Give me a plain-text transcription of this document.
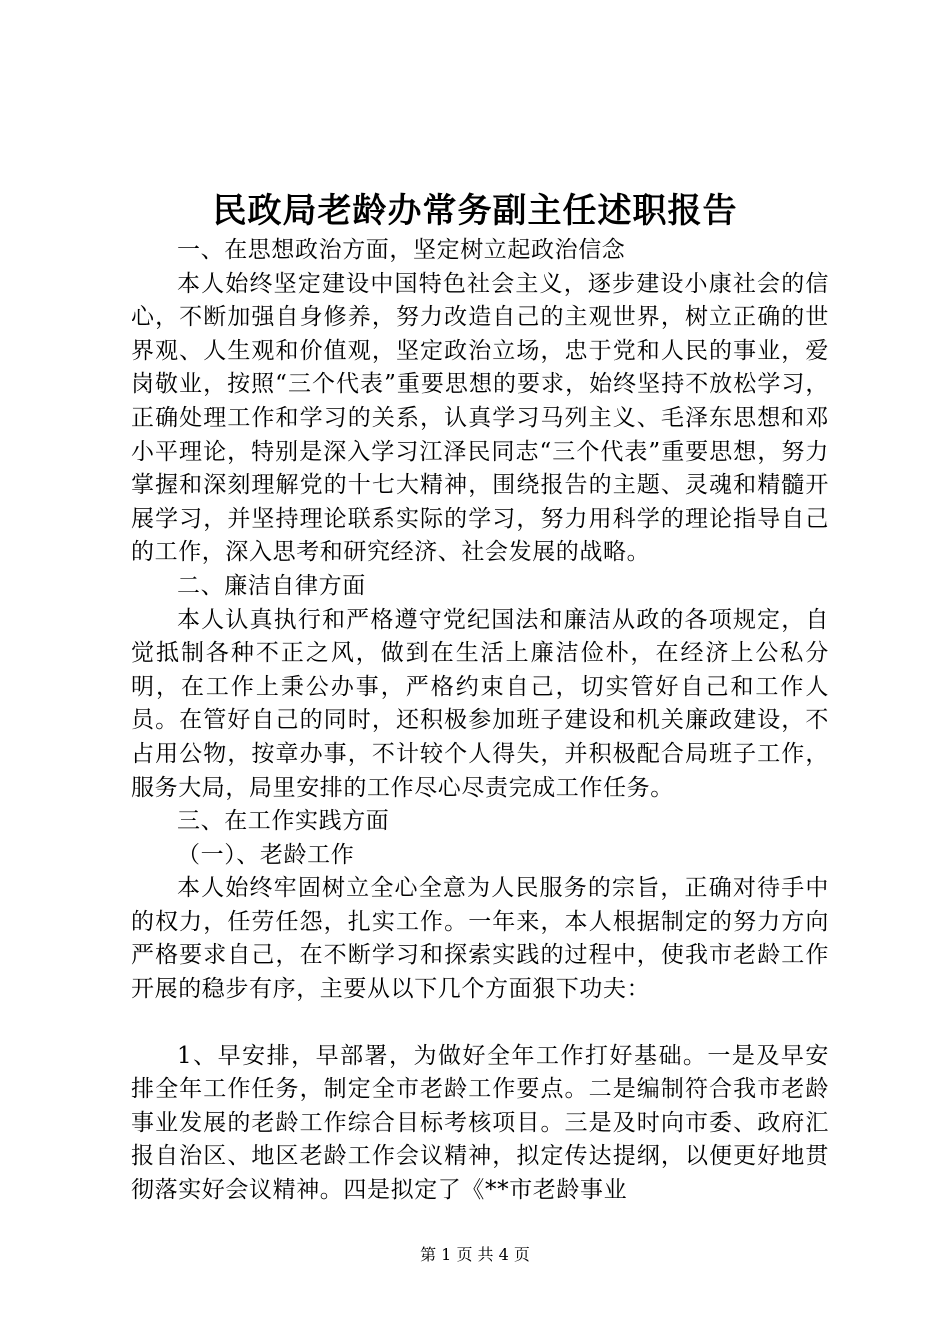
民政局老龄办常务副主任述职报告

一、在思想政治方面，坚定树立起政治信念

本人始终坚定建设中国特色社会主义，逐步建设小康社会的信心，不断加强自身修养，努力改造自己的主观世界，树立正确的世界观、人生观和价值观，坚定政治立场，忠于党和人民的事业，爱岗敬业，按照“三个代表”重要思想的要求，始终坚持不放松学习，正确处理工作和学习的关系，认真学习马列主义、毛泽东思想和邓小平理论，特别是深入学习江泽民同志“三个代表”重要思想，努力掌握和深刻理解党的十七大精神，围绕报告的主题、灵魂和精髓开展学习，并坚持理论联系实际的学习，努力用科学的理论指导自己的工作，深入思考和研究经济、社会发展的战略。

二、廉洁自律方面

本人认真执行和严格遵守党纪国法和廉洁从政的各项规定，自觉抵制各种不正之风，做到在生活上廉洁俭朴，在经济上公私分明，在工作上秉公办事，严格约束自己，切实管好自己和工作人员。在管好自己的同时，还积极参加班子建设和机关廉政建设，不占用公物，按章办事，不计较个人得失，并积极配合局班子工作，服务大局，局里安排的工作尽心尽责完成工作任务。

三、在工作实践方面

（一）、老龄工作

本人始终牢固树立全心全意为人民服务的宗旨，正确对待手中的权力，任劳任怨，扎实工作。一年来，本人根据制定的努力方向严格要求自己，在不断学习和探索实践的过程中，使我市老龄工作开展的稳步有序，主要从以下几个方面狠下功夫：

1、早安排，早部署，为做好全年工作打好基础。一是及早安排全年工作任务，制定全市老龄工作要点。二是编制符合我市老龄事业发展的老龄工作综合目标考核项目。三是及时向市委、政府汇报自治区、地区老龄工作会议精神，拟定传达提纲，以便更好地贯彻落实好会议精神。四是拟定了《**市老龄事业

第 1 页 共 4 页
